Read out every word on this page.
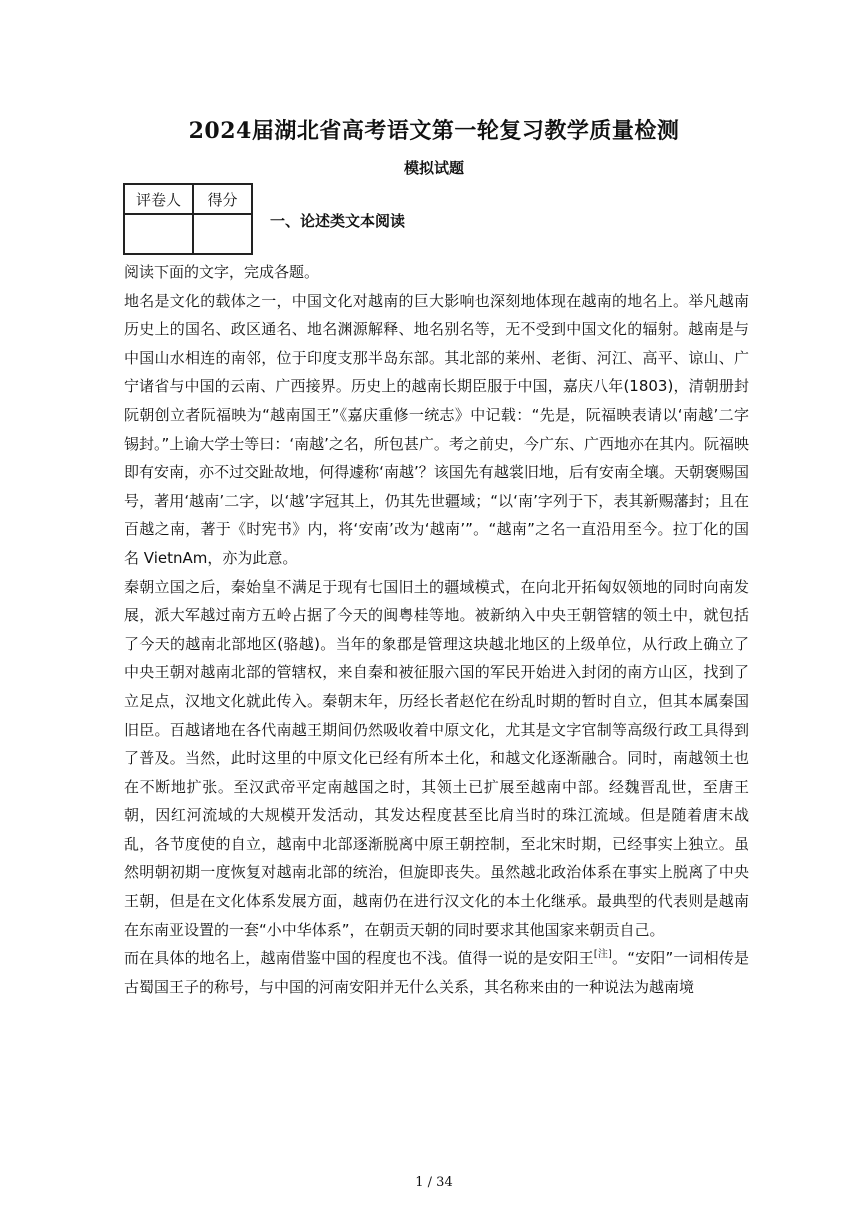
2024届湖北省高考语文第一轮复习教学质量检测
模拟试题
评卷人	得分

一、论述类文本阅读

阅读下面的文字，完成各题。

地名是文化的载体之一，中国文化对越南的巨大影响也深刻地体现在越南的地名上。举凡越南历史上的国名、政区通名、地名渊源解释、地名别名等，无不受到中国文化的辐射。越南是与中国山水相连的南邻，位于印度支那半岛东部。其北部的莱州、老街、河江、高平、谅山、广宁诸省与中国的云南、广西接界。历史上的越南长期臣服于中国，嘉庆八年(1803)，清朝册封阮朝创立者阮福映为“越南国王”《嘉庆重修一统志》中记载：“先是，阮福映表请以‘南越’二字锡封。”上谕大学士等曰：‘南越’之名，所包甚广。考之前史，今广东、广西地亦在其内。阮福映即有安南，亦不过交趾故地，何得遽称‘南越’？该国先有越裳旧地，后有安南全壤。天朝褒赐国号，著用‘越南’二字，以‘越’字冠其上，仍其先世疆域；“以‘南’字列于下，表其新赐藩封；且在百越之南，著于《时宪书》内，将‘安南’改为‘越南’”。“越南”之名一直沿用至今。拉丁化的国名 VietnAm，亦为此意。

秦朝立国之后，秦始皇不满足于现有七国旧土的疆域模式，在向北开拓匈奴领地的同时向南发展，派大军越过南方五岭占据了今天的闽粤桂等地。被新纳入中央王朝管辖的领土中，就包括了今天的越南北部地区(骆越)。当年的象郡是管理这块越北地区的上级单位，从行政上确立了中央王朝对越南北部的管辖权，来自秦和被征服六国的军民开始进入封闭的南方山区，找到了立足点，汉地文化就此传入。秦朝末年，历经长者赵佗在纷乱时期的暂时自立，但其本属秦国旧臣。百越诸地在各代南越王期间仍然吸收着中原文化，尤其是文字官制等高级行政工具得到了普及。当然，此时这里的中原文化已经有所本土化，和越文化逐渐融合。同时，南越领土也在不断地扩张。至汉武帝平定南越国之时，其领土已扩展至越南中部。经魏晋乱世，至唐王朝，因红河流域的大规模开发活动，其发达程度甚至比肩当时的珠江流域。但是随着唐末战乱，各节度使的自立，越南中北部逐渐脱离中原王朝控制，至北宋时期，已经事实上独立。虽然明朝初期一度恢复对越南北部的统治，但旋即丧失。虽然越北政治体系在事实上脱离了中央王朝，但是在文化体系发展方面，越南仍在进行汉文化的本土化继承。最典型的代表则是越南在东南亚设置的一套“小中华体系”，在朝贡天朝的同时要求其他国家来朝贡自己。

而在具体的地名上，越南借鉴中国的程度也不浅。值得一说的是安阳王[注]。“安阳”一词相传是古蜀国王子的称号，与中国的河南安阳并无什么关系，其名称来由的一种说法为越南境

1 / 34
